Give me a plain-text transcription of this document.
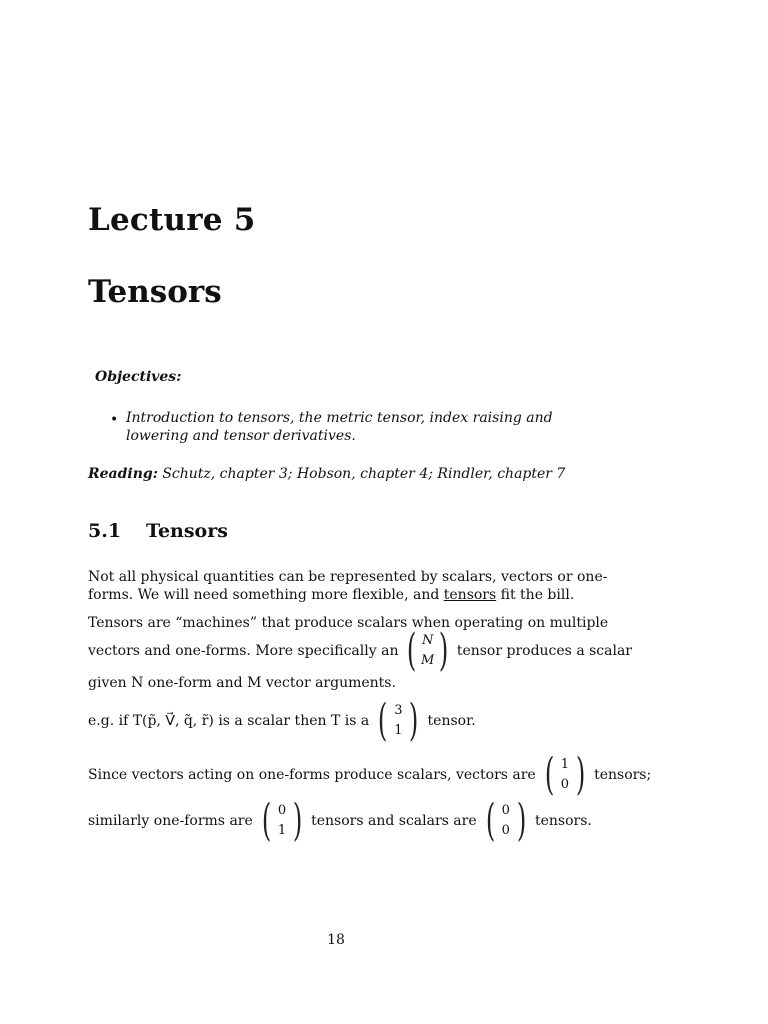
Lecture 5
Tensors
Objectives:
• Introduction to tensors, the metric tensor, index raising and lowering and tensor derivatives.
Reading: Schutz, chapter 3; Hobson, chapter 4; Rindler, chapter 7
5.1 Tensors
Not all physical quantities can be represented by scalars, vectors or one-
forms. We will need something more flexible, and tensors fit the bill.
Tensors are “machines” that produce scalars when operating on multiple
vectors and one-forms. More specifically an ( N
M ) tensor produces a scalar
given N one-form and M vector arguments.
e.g. if T(p̃, V⃗, q̃, r̃) is a scalar then T is a ( 3
1 ) tensor.
Since vectors acting on one-forms produce scalars, vectors are ( 1
0 ) tensors;
similarly one-forms are ( 0
1 ) tensors and scalars are ( 0
0 ) tensors.
18
